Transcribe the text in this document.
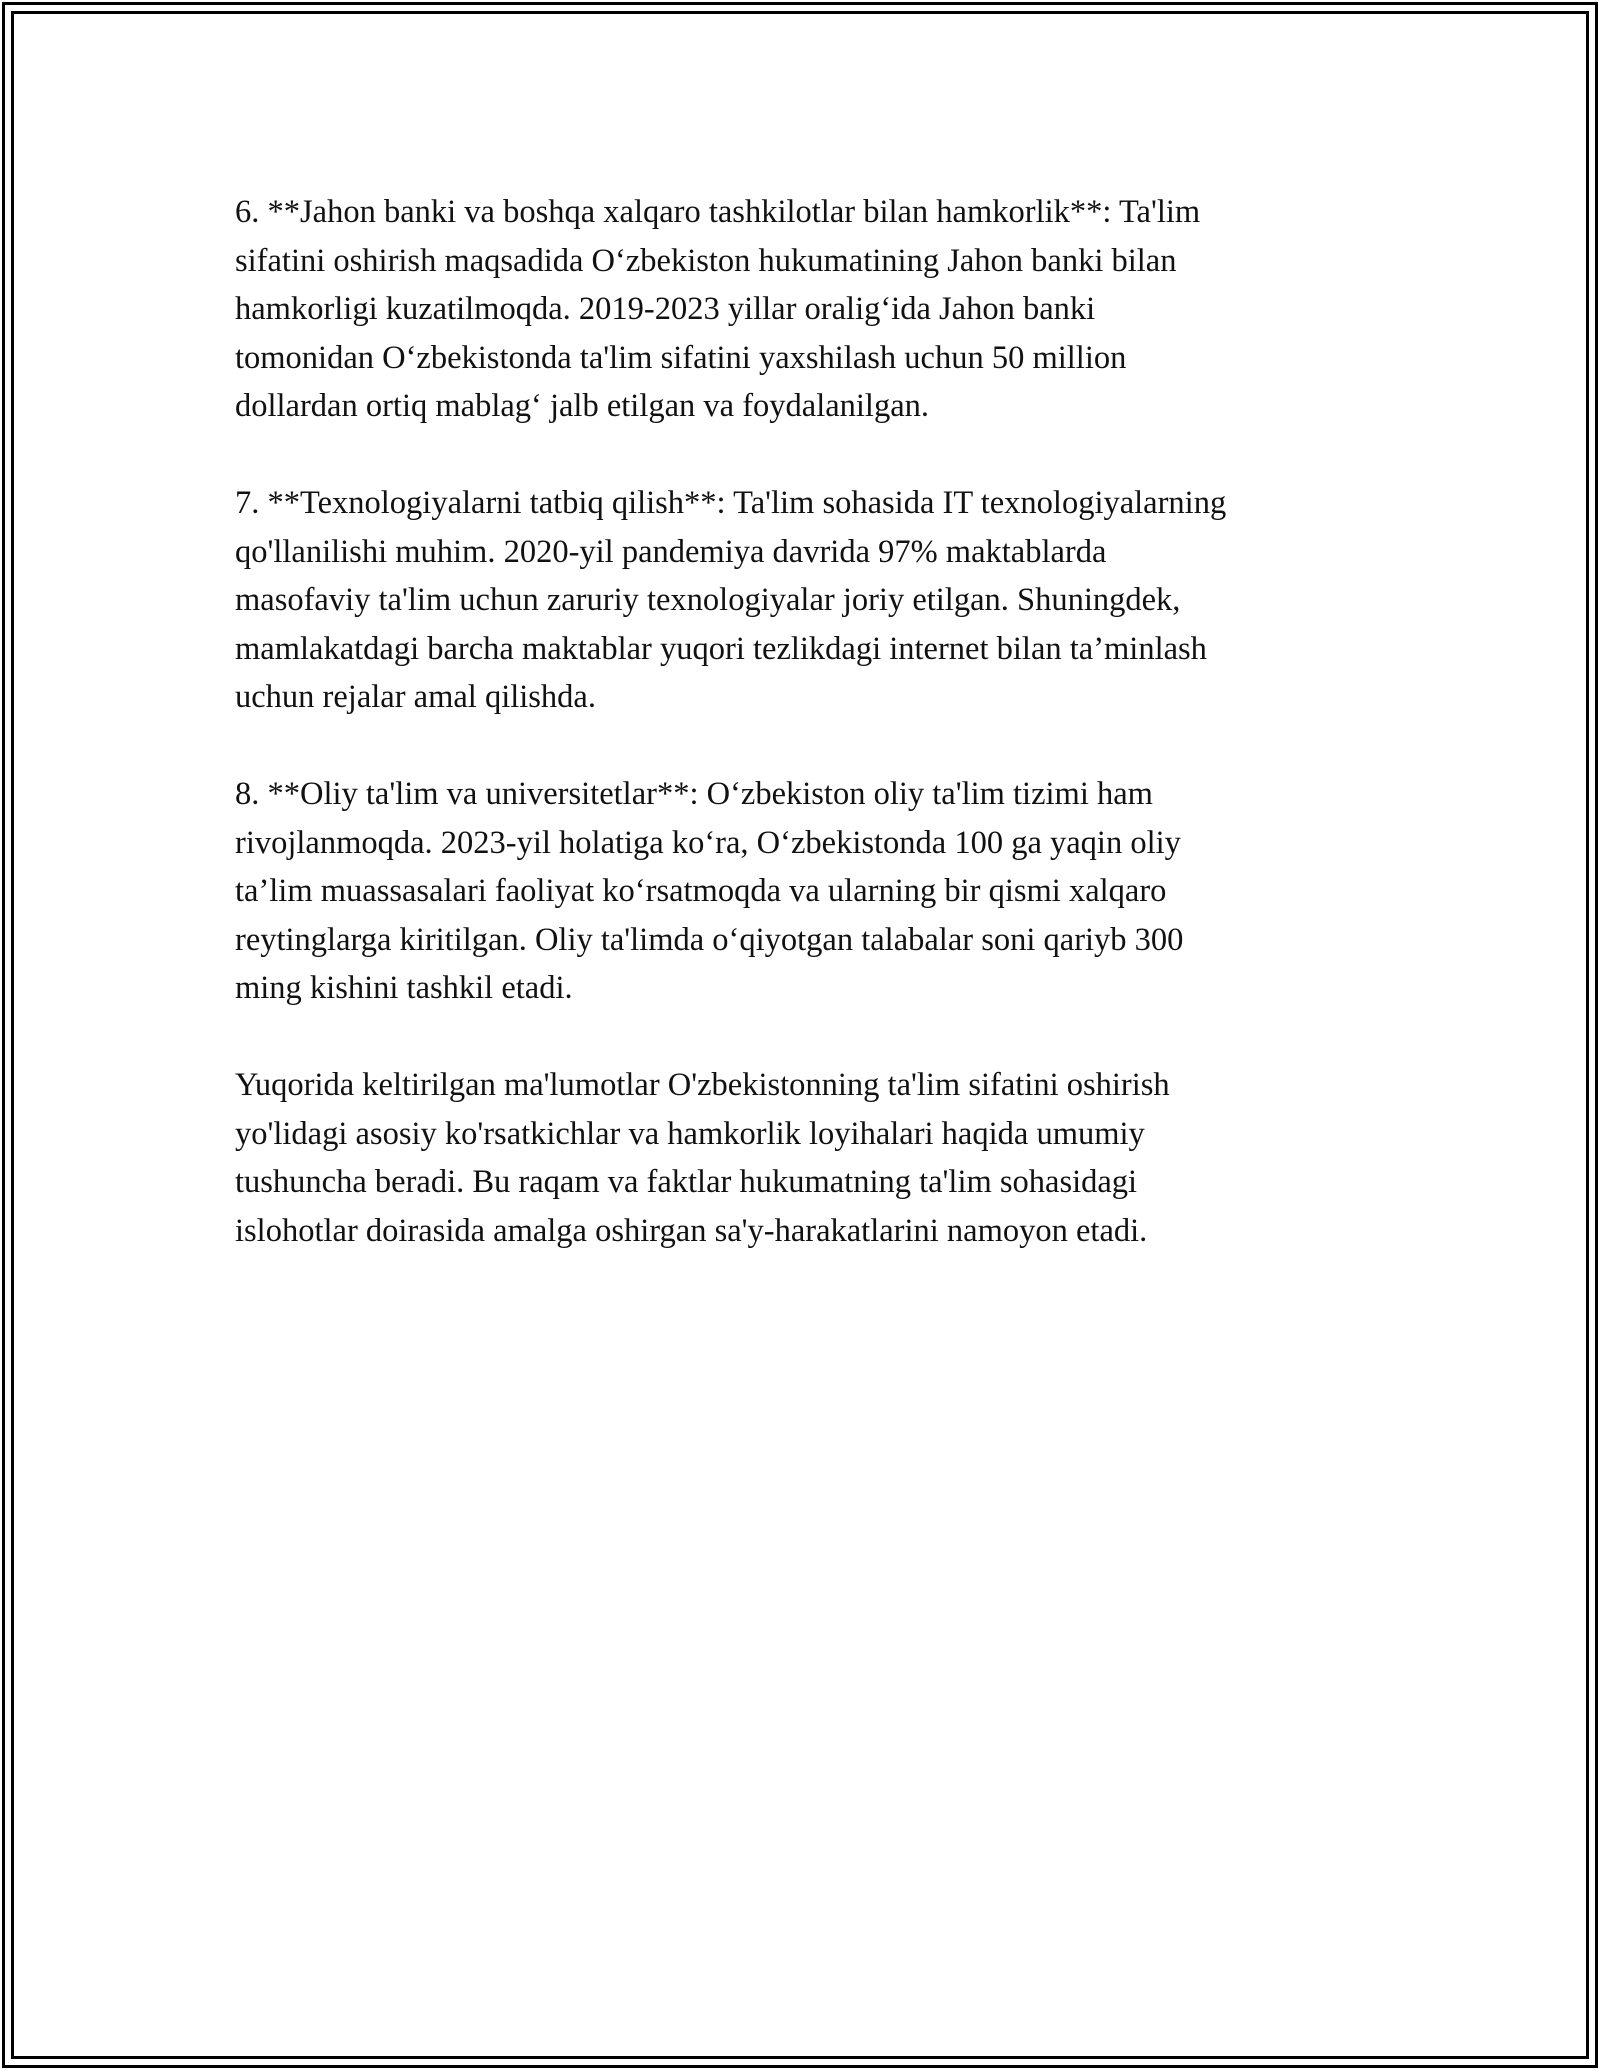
6. **Jahon banki va boshqa xalqaro tashkilotlar bilan hamkorlik**: Ta'lim
sifatini oshirish maqsadida O‘zbekiston hukumatining Jahon banki bilan
hamkorligi kuzatilmoqda. 2019-2023 yillar oralig‘ida Jahon banki
tomonidan O‘zbekistonda ta'lim sifatini yaxshilash uchun 50 million
dollardan ortiq mablag‘ jalb etilgan va foydalanilgan.

7. **Texnologiyalarni tatbiq qilish**: Ta'lim sohasida IT texnologiyalarning
qo'llanilishi muhim. 2020-yil pandemiya davrida 97% maktablarda
masofaviy ta'lim uchun zaruriy texnologiyalar joriy etilgan. Shuningdek,
mamlakatdagi barcha maktablar yuqori tezlikdagi internet bilan ta’minlash
uchun rejalar amal qilishda.

8. **Oliy ta'lim va universitetlar**: O‘zbekiston oliy ta'lim tizimi ham
rivojlanmoqda. 2023-yil holatiga ko‘ra, O‘zbekistonda 100 ga yaqin oliy
ta’lim muassasalari faoliyat ko‘rsatmoqda va ularning bir qismi xalqaro
reytinglarga kiritilgan. Oliy ta'limda o‘qiyotgan talabalar soni qariyb 300
ming kishini tashkil etadi.

Yuqorida keltirilgan ma'lumotlar O'zbekistonning ta'lim sifatini oshirish
yo'lidagi asosiy ko'rsatkichlar va hamkorlik loyihalari haqida umumiy
tushuncha beradi. Bu raqam va faktlar hukumatning ta'lim sohasidagi
islohotlar doirasida amalga oshirgan sa'y-harakatlarini namoyon etadi.
